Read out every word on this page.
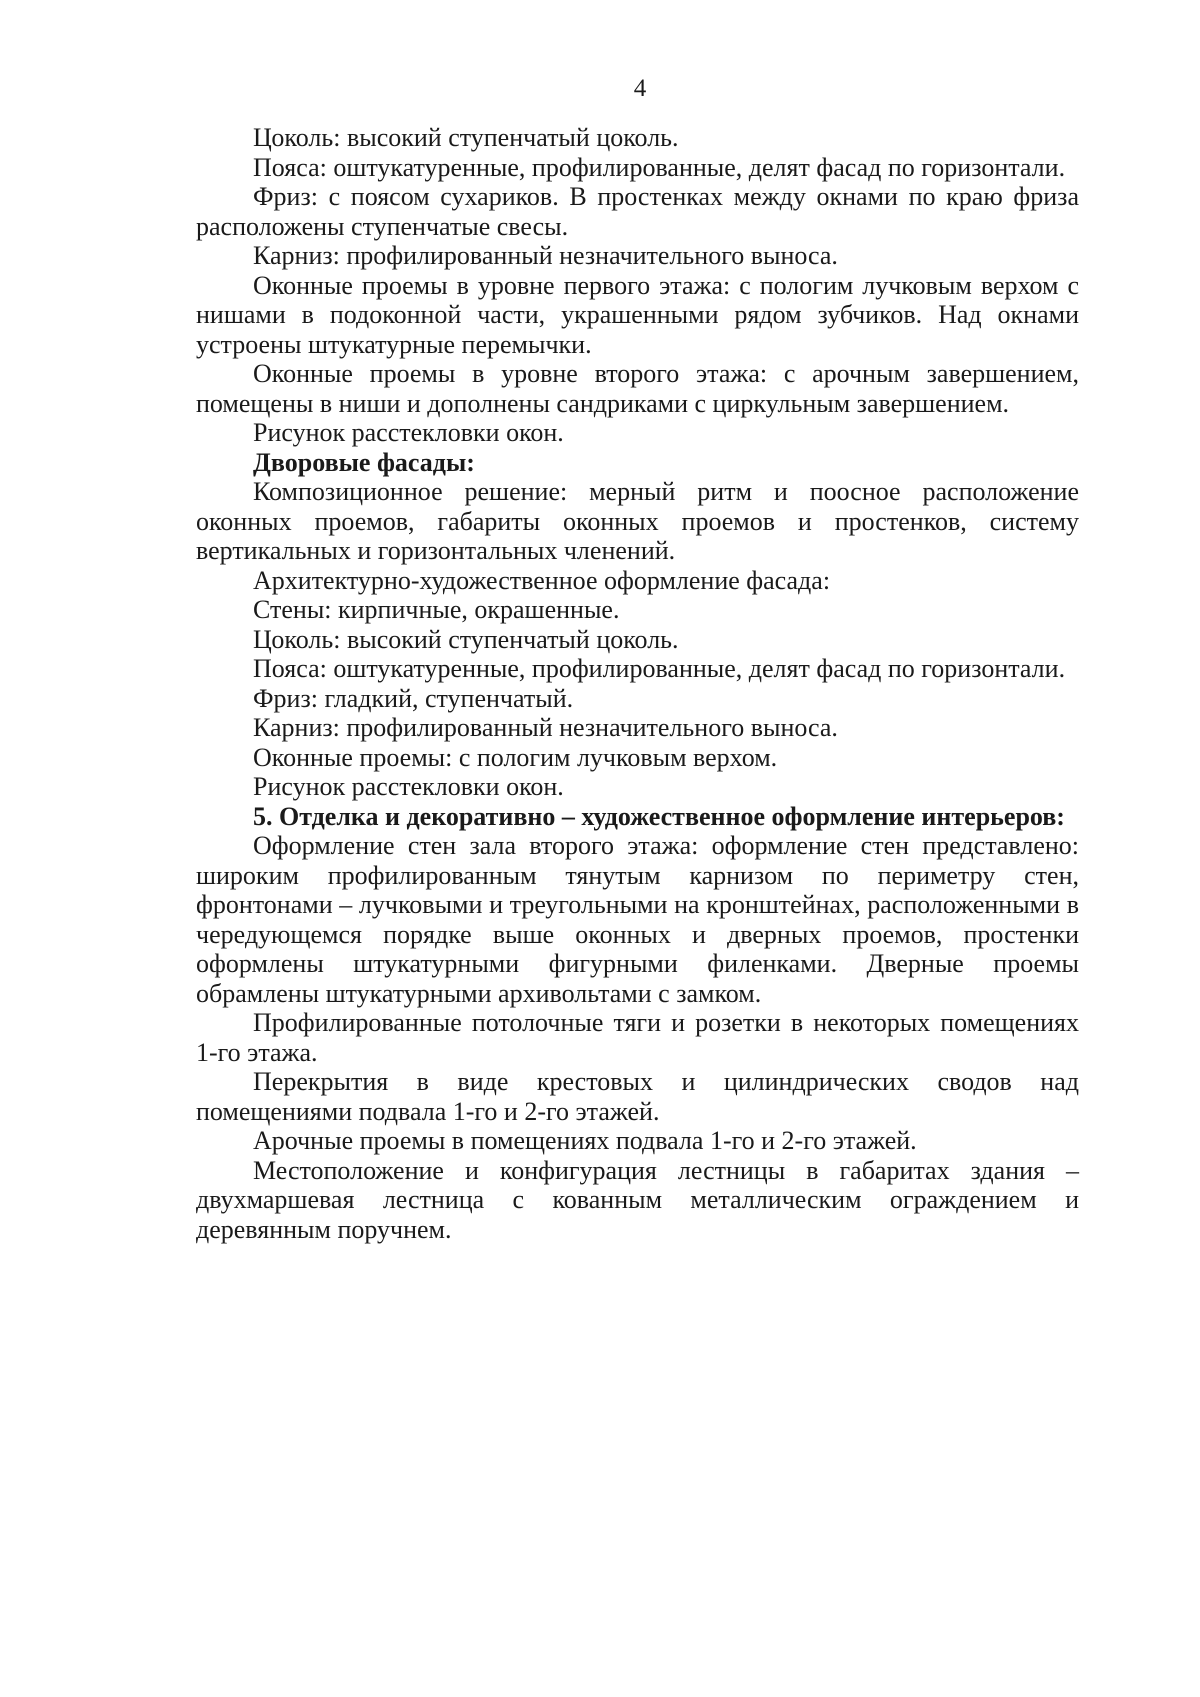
4

Цоколь: высокий ступенчатый цоколь.

Пояса: оштукатуренные, профилированные, делят фасад по горизонтали.

Фриз: с поясом сухариков. В простенках между окнами по краю фриза расположены ступенчатые свесы.

Карниз: профилированный незначительного выноса.

Оконные проемы в уровне первого этажа: с пологим лучковым верхом с нишами в подоконной части, украшенными рядом зубчиков. Над окнами устроены штукатурные перемычки.

Оконные проемы в уровне второго этажа: с арочным завершением, помещены в ниши и дополнены сандриками с циркульным завершением.

Рисунок расстекловки окон.

Дворовые фасады:

Композиционное решение: мерный ритм и поосное расположение оконных проемов, габариты оконных проемов и простенков, систему вертикальных и горизонтальных членений.

Архитектурно-художественное оформление фасада:

Стены: кирпичные, окрашенные.

Цоколь: высокий ступенчатый цоколь.

Пояса: оштукатуренные, профилированные, делят фасад по горизонтали.

Фриз: гладкий, ступенчатый.

Карниз: профилированный незначительного выноса.

Оконные проемы: с пологим лучковым верхом.

Рисунок расстекловки окон.

5. Отделка и декоративно – художественное оформление интерьеров:

Оформление стен зала второго этажа: оформление стен представлено: широким профилированным тянутым карнизом по периметру стен, фронтонами – лучковыми и треугольными на кронштейнах, расположенными в чередующемся порядке выше оконных и дверных проемов, простенки оформлены штукатурными фигурными филенками. Дверные проемы обрамлены штукатурными архивольтами с замком.

Профилированные потолочные тяги и розетки в некоторых помещениях 1-го этажа.

Перекрытия в виде крестовых и цилиндрических сводов над помещениями подвала 1-го и 2-го этажей.

Арочные проемы в помещениях подвала 1-го и 2-го этажей.

Местоположение и конфигурация лестницы в габаритах здания – двухмаршевая лестница с кованным металлическим ограждением и деревянным поручнем.
